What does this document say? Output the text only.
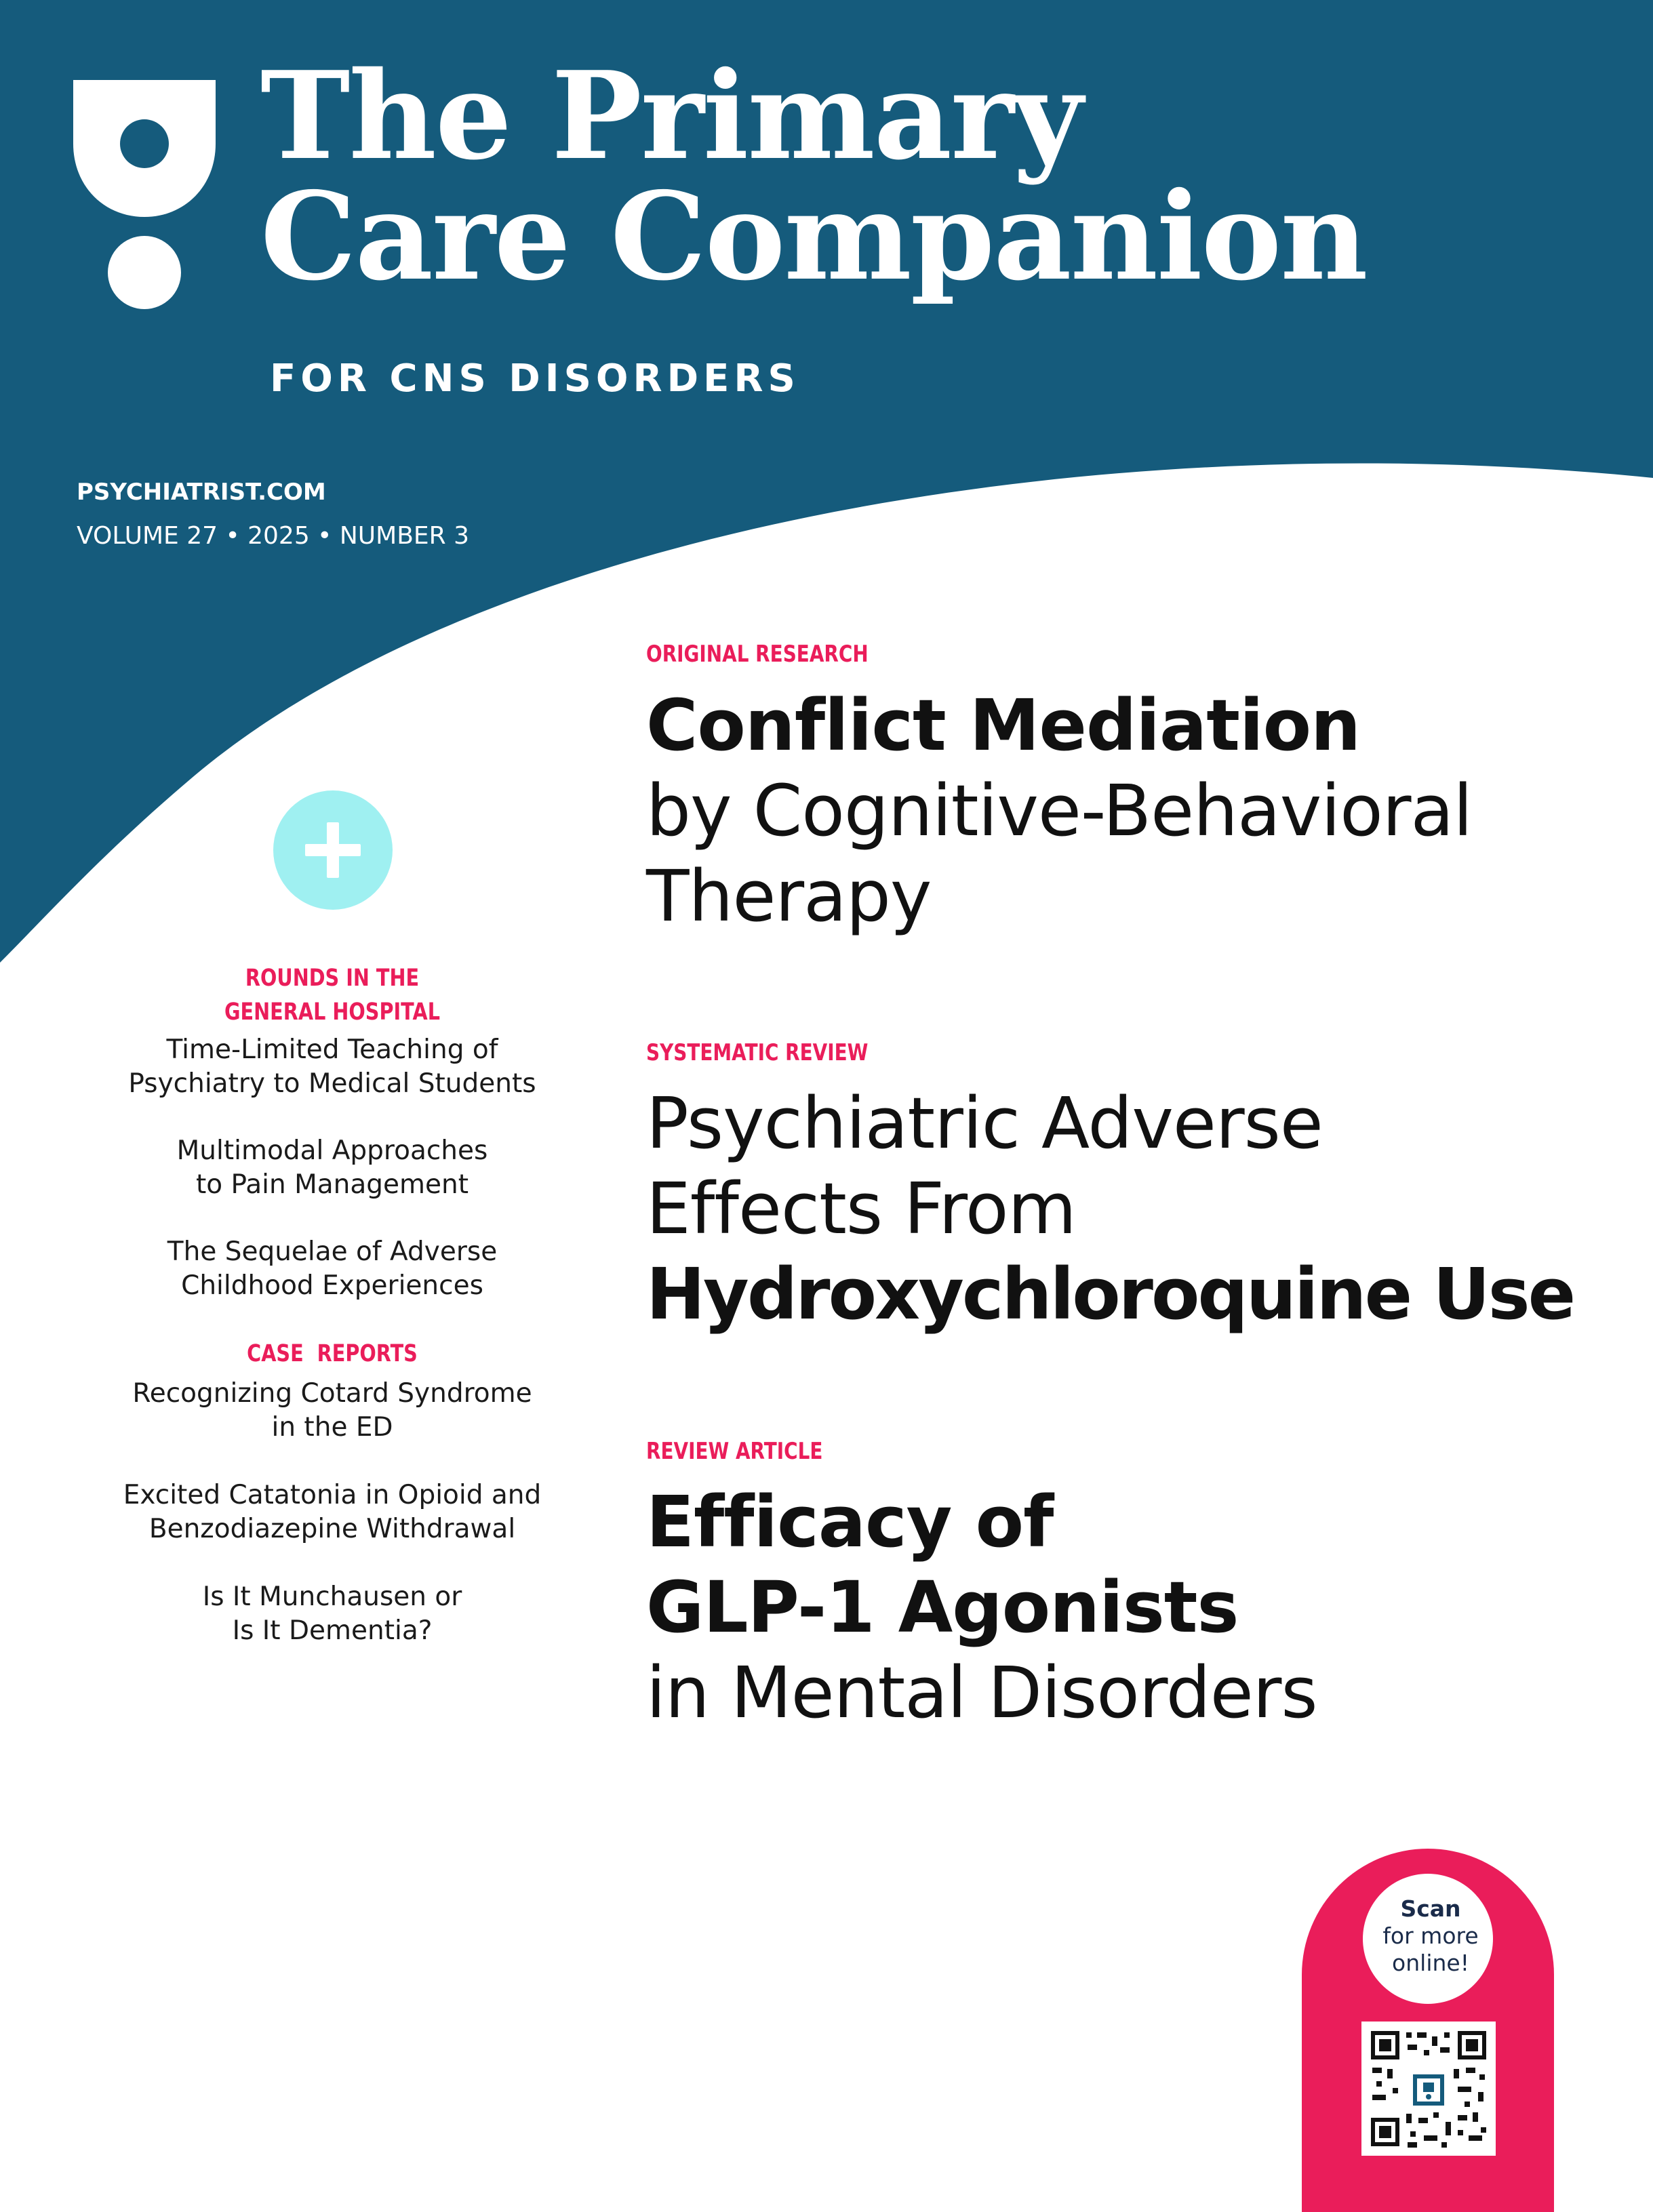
The Primary
Care Companion
FOR CNS DISORDERS
PSYCHIATRIST.COM
VOLUME 27 • 2025 • NUMBER 3
ROUNDS IN THE
GENERAL HOSPITAL
Time-Limited Teaching of
Psychiatry to Medical Students
Multimodal Approaches
to Pain Management
The Sequelae of Adverse
Childhood Experiences
CASE  REPORTS
Recognizing Cotard Syndrome
in the ED
Excited Catatonia in Opioid and
Benzodiazepine Withdrawal
Is It Munchausen or
Is It Dementia?
ORIGINAL RESEARCH
Conflict Mediation
by Cognitive-Behavioral
Therapy
SYSTEMATIC REVIEW
Psychiatric Adverse
Effects From
Hydroxychloroquine Use
REVIEW ARTICLE
Efficacy of
GLP-1 Agonists
in Mental Disorders
Scan
for more
online!
